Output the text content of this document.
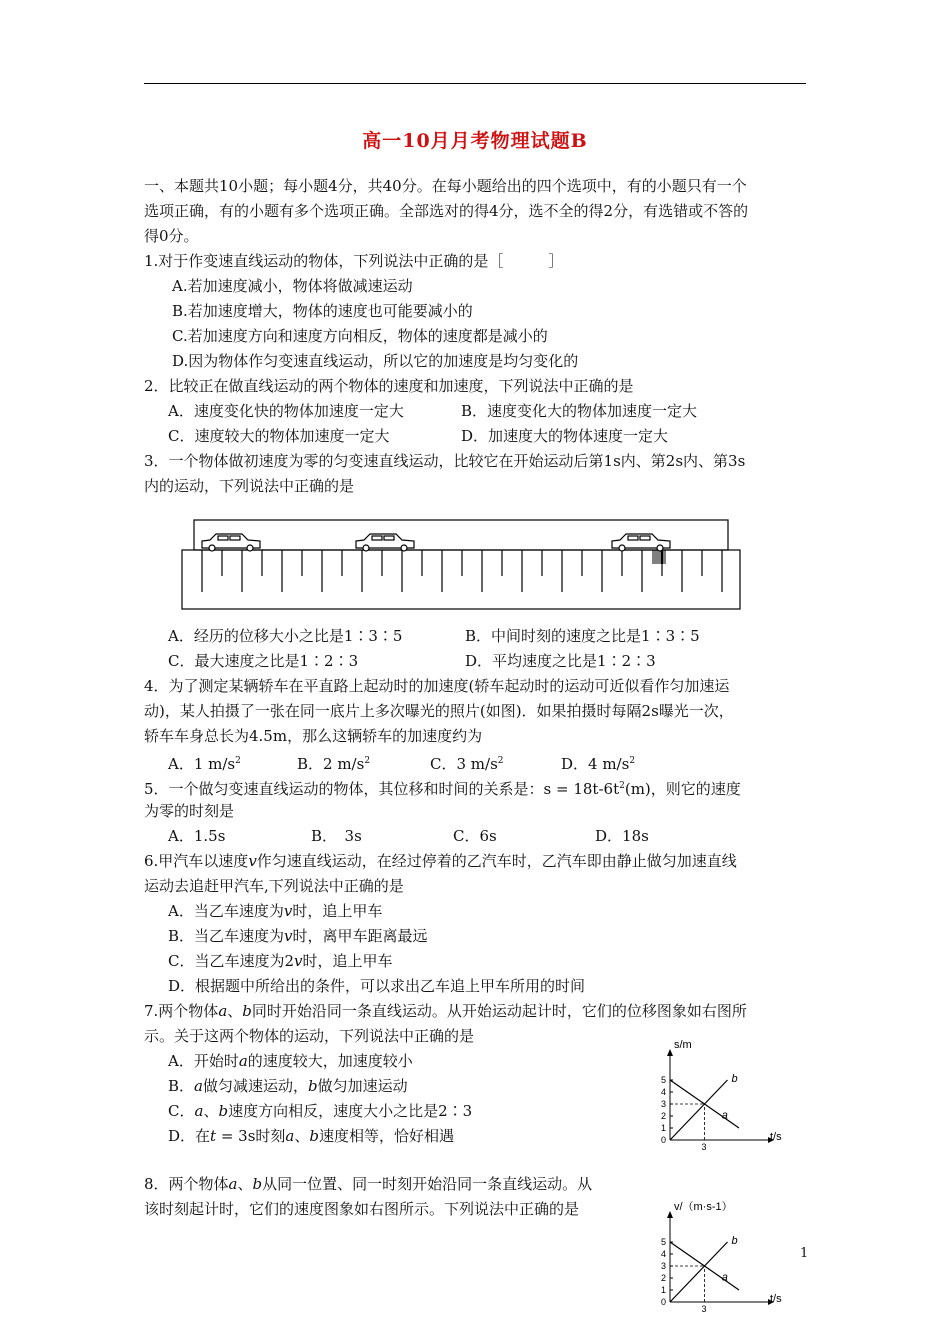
高一10月月考物理试题B
一、本题共10小题；每小题4分，共40分。在每小题给出的四个选项中，有的小题只有一个
选项正确，有的小题有多个选项正确。全部选对的得4分，选不全的得2分，有选错或不答的
得0分。
1.对于作变速直线运动的物体，下列说法中正确的是［　　　］
A.若加速度减小，物体将做减速运动
B.若加速度增大，物体的速度也可能要减小的
C.若加速度方向和速度方向相反，物体的速度都是减小的
D.因为物体作匀变速直线运动，所以它的加速度是均匀变化的
2．比较正在做直线运动的两个物体的速度和加速度，下列说法中正确的是
A．速度变化快的物体加速度一定大	B．速度变化大的物体加速度一定大
C．速度较大的物体加速度一定大	D．加速度大的物体速度一定大
3．一个物体做初速度为零的匀变速直线运动，比较它在开始运动后第1s内、第2s内、第3s
内的运动，下列说法中正确的是
A．经历的位移大小之比是1∶3∶5	B．中间时刻的速度之比是1∶3∶5
C．最大速度之比是1∶2∶3	D．平均速度之比是1∶2∶3
4．为了测定某辆轿车在平直路上起动时的加速度(轿车起动时的运动可近似看作匀加速运
动)，某人拍摄了一张在同一底片上多次曝光的照片(如图)．如果拍摄时每隔2s曝光一次，
轿车车身总长为4.5m，那么这辆轿车的加速度约为
A．1 $m/s^2$	B．2 $m/s^2$	C．3 $m/s^2$	D．4 $m/s^2$
5．一个做匀变速直线运动的物体，其位移和时间的关系是：$s = 18t-6t^2(m)$，则它的速度
为零的时刻是
A．1.5s	B．　3s	C．6s	D．18s
6.甲汽车以速度v作匀速直线运动，在经过停着的乙汽车时，乙汽车即由静止做匀加速直线
运动去追赶甲汽车,下列说法中正确的是
A．当乙车速度为v时，追上甲车
B．当乙车速度为v时，离甲车距离最远
C．当乙车速度为2v时，追上甲车
D．根据题中所给出的条件，可以求出乙车追上甲车所用的时间
7.两个物体a、b同时开始沿同一条直线运动。从开始运动起计时，它们的位移图象如右图所
示。关于这两个物体的运动，下列说法中正确的是
A．开始时a的速度较大，加速度较小
B．a做匀减速运动，b做匀加速运动
C．a、b速度方向相反，速度大小之比是2∶3
D．在t = 3s时刻a、b速度相等，恰好相遇
8．两个物体a、b从同一位置、同一时刻开始沿同一条直线运动。从
该时刻起计时，它们的速度图象如右图所示。下列说法中正确的是
s/m
t/s
0
1
2
3
4
5
3
b
a
v/（m·s-1）
t/s
0
1
2
3
4
5
3
b
a
1
